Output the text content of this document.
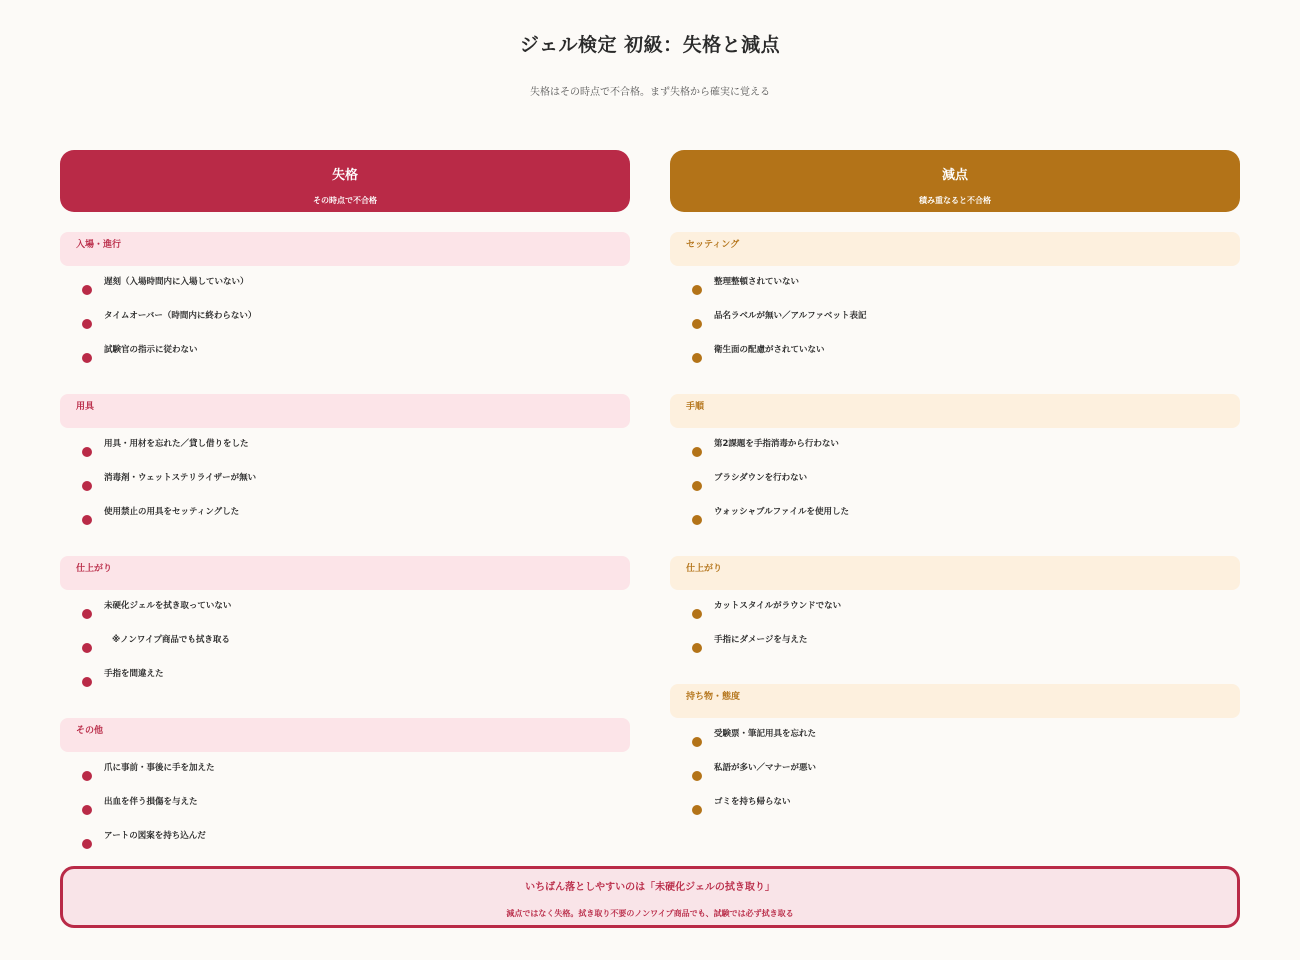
ジェル検定 初級：失格と減点

失格はその時点で不合格。まず失格から確実に覚える

失格
その時点で不合格
入場・進行
遅刻（入場時間内に入場していない）
タイムオーバー（時間内に終わらない）
試験官の指示に従わない
用具
用具・用材を忘れた／貸し借りをした
消毒剤・ウェットステリライザーが無い
使用禁止の用具をセッティングした
仕上がり
未硬化ジェルを拭き取っていない
※ノンワイプ商品でも拭き取る
手指を間違えた
その他
爪に事前・事後に手を加えた
出血を伴う損傷を与えた
アートの図案を持ち込んだ
減点
積み重なると不合格
セッティング
整理整頓されていない
品名ラベルが無い／アルファベット表記
衛生面の配慮がされていない
手順
第2課題を手指消毒から行わない
ブラシダウンを行わない
ウォッシャブルファイルを使用した
仕上がり
カットスタイルがラウンドでない
手指にダメージを与えた
持ち物・態度
受験票・筆記用具を忘れた
私語が多い／マナーが悪い
ゴミを持ち帰らない
いちばん落としやすいのは「未硬化ジェルの拭き取り」
減点ではなく失格。拭き取り不要のノンワイプ商品でも、試験では必ず拭き取る
